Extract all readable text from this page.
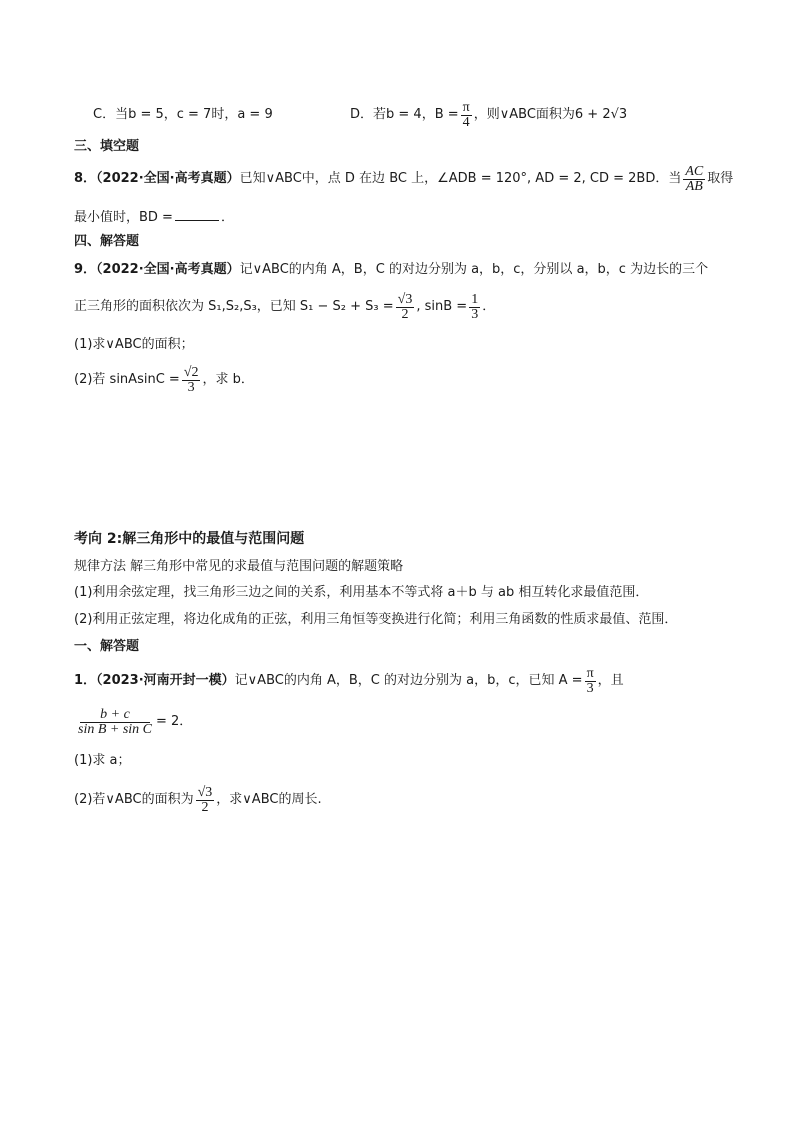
C．当b = 5，c = 7时，a = 9	D．若b = 4，$B = \frac{\pi}{4}$ ，则∨ABC面积为6 + 2√3
三、填空题
8．（2022·全国·高考真题） 已知∨ABC中，点 D 在边 BC 上，∠ADB = 120°, AD = 2, CD = 2BD．当 $\frac{AC}{AB}$ 取得
最小值时，BD =	．
四、解答题
9．（2022·全国·高考真题）记∨ABC的内角 A，B，C 的对边分别为 a，b，c，分别以 a，b，c 为边长的三个
正三角形的面积依次为 S₁,S₂,S₃，已知 $S_1 - S_2 + S_3 = \frac{√3}{2}$ , $\sin B = \frac{1}{3}$ ．
(1)求∨ABC的面积；
(2)若 sinAsinC = $\frac{√2}{3}$ ，求 b．
考向 2:解三角形中的最值与范围问题
规律方法 解三角形中常见的求最值与范围问题的解题策略
(1)利用余弦定理，找三角形三边之间的关系，利用基本不等式将 a＋b 与 ab 相互转化求最值范围．
(2)利用正弦定理，将边化成角的正弦，利用三角恒等变换进行化简；利用三角函数的性质求最值、范围．
一、解答题
1．（2023·河南开封一模） 记∨ABC的内角 A，B，C 的对边分别为 a，b，c，已知 $A = \frac{\pi}{3}$ ，且
$\frac{b + c}{\text{sin B + sin C}} = 2$．
(1)求 a；
(2)若∨ABC的面积为 $\frac{√3}{2}$ ，求∨ABC的周长.
